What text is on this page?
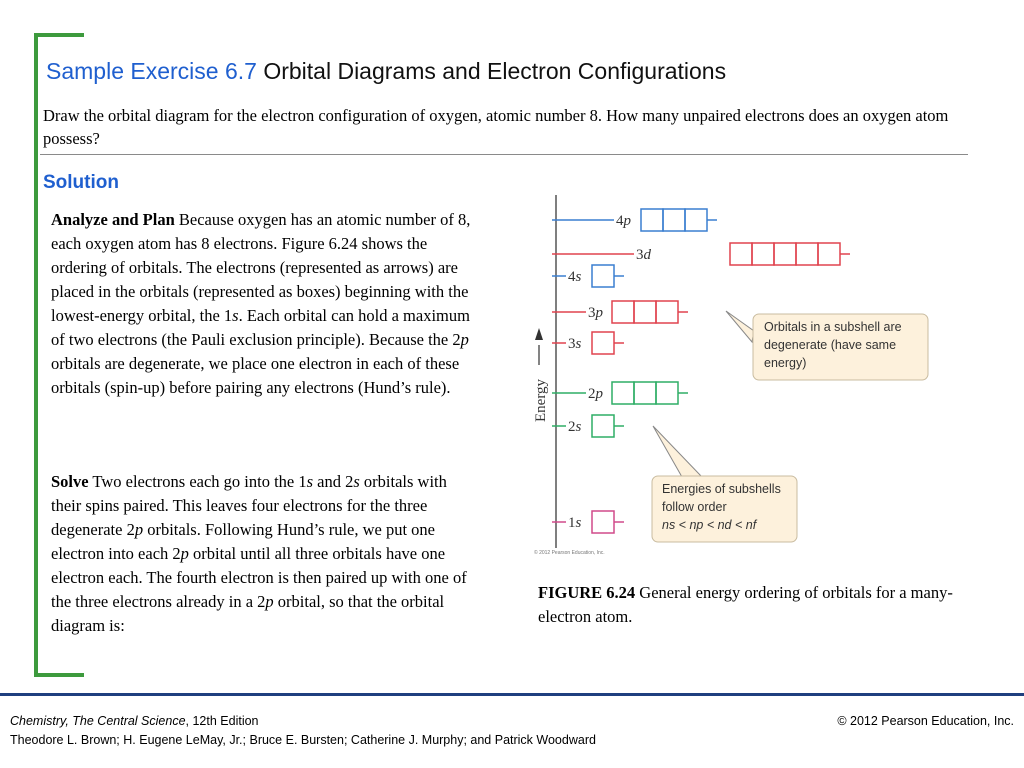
Sample Exercise 6.7 Orbital Diagrams and Electron Configurations
Draw the orbital diagram for the electron configuration of oxygen, atomic number 8. How many unpaired electrons does an oxygen atom possess?
Solution
Analyze and Plan Because oxygen has an atomic number of 8, each oxygen atom has 8 electrons. Figure 6.24 shows the ordering of orbitals. The electrons (represented as arrows) are placed in the orbitals (represented as boxes) beginning with the lowest-energy orbital, the 1s. Each orbital can hold a maximum of two electrons (the Pauli exclusion principle). Because the 2p orbitals are degenerate, we place one electron in each of these orbitals (spin-up) before pairing any electrons (Hund’s rule).
Solve Two electrons each go into the 1s and 2s orbitals with their spins paired. This leaves four electrons for the three degenerate 2p orbitals. Following Hund’s rule, we put one electron into each 2p orbital until all three orbitals have one electron each. The fourth electron is then paired up with one of the three electrons already in a 2p orbital, so that the orbital diagram is:
Energy
4p
3d
4s
3p
3s
2p
2s
1s
Orbitals in a subshell are degenerate (have same energy)
Energies of subshells follow order ns < np < nd < nf
© 2012 Pearson Education, Inc.
FIGURE 6.24 General energy ordering of orbitals for a many-electron atom.
Chemistry, The Central Science, 12th Edition
Theodore L. Brown; H. Eugene LeMay, Jr.; Bruce E. Bursten; Catherine J. Murphy; and Patrick Woodward
© 2012 Pearson Education, Inc.
